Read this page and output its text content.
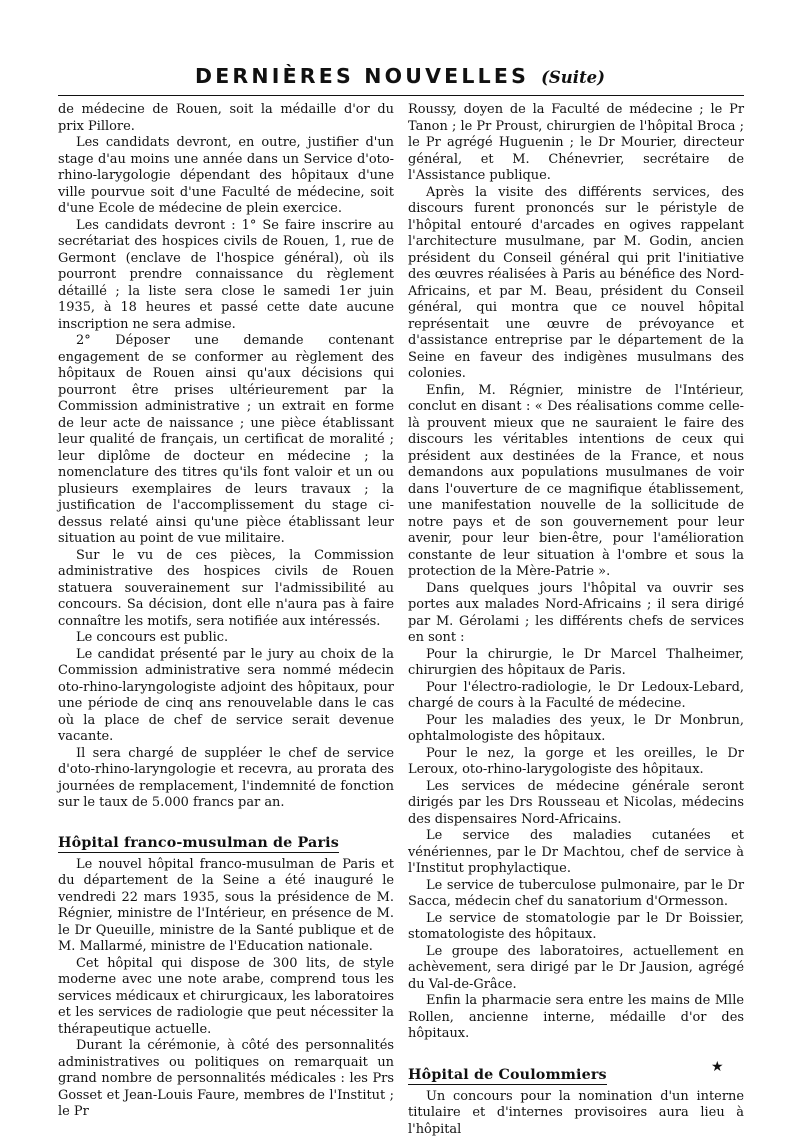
DERNIÈRES NOUVELLES (Suite)

de médecine de Rouen, soit la médaille d'or du prix Pillore.

Les candidats devront, en outre, justifier d'un stage d'au moins une année dans un Service d'oto-rhino-larygologie dépendant des hôpitaux d'une ville pourvue soit d'une Faculté de médecine, soit d'une Ecole de médecine de plein exercice.

Les candidats devront : 1° Se faire inscrire au secrétariat des hospices civils de Rouen, 1, rue de Germont (enclave de l'hospice général), où ils pourront prendre connaissance du règlement détaillé ; la liste sera close le samedi 1er juin 1935, à 18 heures et passé cette date aucune inscription ne sera admise.

2° Déposer une demande contenant engagement de se conformer au règlement des hôpitaux de Rouen ainsi qu'aux décisions qui pourront être prises ultérieurement par la Commission administrative ; un extrait en forme de leur acte de naissance ; une pièce établissant leur qualité de français, un certificat de moralité ; leur diplôme de docteur en médecine ; la nomenclature des titres qu'ils font valoir et un ou plusieurs exemplaires de leurs travaux ; la justification de l'accomplissement du stage ci-dessus relaté ainsi qu'une pièce établissant leur situation au point de vue militaire.

Sur le vu de ces pièces, la Commission administrative des hospices civils de Rouen statuera souverainement sur l'admissibilité au concours. Sa décision, dont elle n'aura pas à faire connaître les motifs, sera notifiée aux intéressés.

Le concours est public.

Le candidat présenté par le jury au choix de la Commission administrative sera nommé médecin oto-rhino-laryngologiste adjoint des hôpitaux, pour une période de cinq ans renouvelable dans le cas où la place de chef de service serait devenue vacante.

Il sera chargé de suppléer le chef de service d'oto-rhino-laryngologie et recevra, au prorata des journées de remplacement, l'indemnité de fonction sur le taux de 5.000 francs par an.

Hôpital franco-musulman de Paris

Le nouvel hôpital franco-musulman de Paris et du département de la Seine a été inauguré le vendredi 22 mars 1935, sous la présidence de M. Régnier, ministre de l'Intérieur, en présence de M. le Dr Queuille, ministre de la Santé publique et de M. Mallarmé, ministre de l'Education nationale.

Cet hôpital qui dispose de 300 lits, de style moderne avec une note arabe, comprend tous les services médicaux et chirurgicaux, les laboratoires et les services de radiologie que peut nécessiter la thérapeutique actuelle.

Durant la cérémonie, à côté des personnalités administratives ou politiques on remarquait un grand nombre de personnalités médicales : les Prs Gosset et Jean-Louis Faure, membres de l'Institut ; le Pr

Roussy, doyen de la Faculté de médecine ; le Pr Tanon ; le Pr Proust, chirurgien de l'hôpital Broca ; le Pr agrégé Huguenin ; le Dr Mourier, directeur général, et M. Chénevrier, secrétaire de l'Assistance publique.

Après la visite des différents services, des discours furent prononcés sur le péristyle de l'hôpital entouré d'arcades en ogives rappelant l'architecture musulmane, par M. Godin, ancien président du Conseil général qui prit l'initiative des œuvres réalisées à Paris au bénéfice des Nord-Africains, et par M. Beau, président du Conseil général, qui montra que ce nouvel hôpital représentait une œuvre de prévoyance et d'assistance entreprise par le département de la Seine en faveur des indigènes musulmans des colonies.

Enfin, M. Régnier, ministre de l'Intérieur, conclut en disant : « Des réalisations comme celle-là prouvent mieux que ne sauraient le faire des discours les véritables intentions de ceux qui président aux destinées de la France, et nous demandons aux populations musulmanes de voir dans l'ouverture de ce magnifique établissement, une manifestation nouvelle de la sollicitude de notre pays et de son gouvernement pour leur avenir, pour leur bien-être, pour l'amélioration constante de leur situation à l'ombre et sous la protection de la Mère-Patrie ».

Dans quelques jours l'hôpital va ouvrir ses portes aux malades Nord-Africains ; il sera dirigé par M. Gérolami ; les différents chefs de services en sont :

Pour la chirurgie, le Dr Marcel Thalheimer, chirurgien des hôpitaux de Paris.

Pour l'électro-radiologie, le Dr Ledoux-Lebard, chargé de cours à la Faculté de médecine.

Pour les maladies des yeux, le Dr Monbrun, ophtalmologiste des hôpitaux.

Pour le nez, la gorge et les oreilles, le Dr Leroux, oto-rhino-larygologiste des hôpitaux.

Les services de médecine générale seront dirigés par les Drs Rousseau et Nicolas, médecins des dispensaires Nord-Africains.

Le service des maladies cutanées et vénériennes, par le Dr Machtou, chef de service à l'Institut prophylactique.

Le service de tuberculose pulmonaire, par le Dr Sacca, médecin chef du sanatorium d'Ormesson.

Le service de stomatologie par le Dr Boissier, stomatologiste des hôpitaux.

Le groupe des laboratoires, actuellement en achèvement, sera dirigé par le Dr Jausion, agrégé du Val-de-Grâce.

Enfin la pharmacie sera entre les mains de Mlle Rollen, ancienne interne, médaille d'or des hôpitaux.

Hôpital de Coulommiers

Un concours pour la nomination d'un interne titulaire et d'internes provisoires aura lieu à l'hôpital

★
